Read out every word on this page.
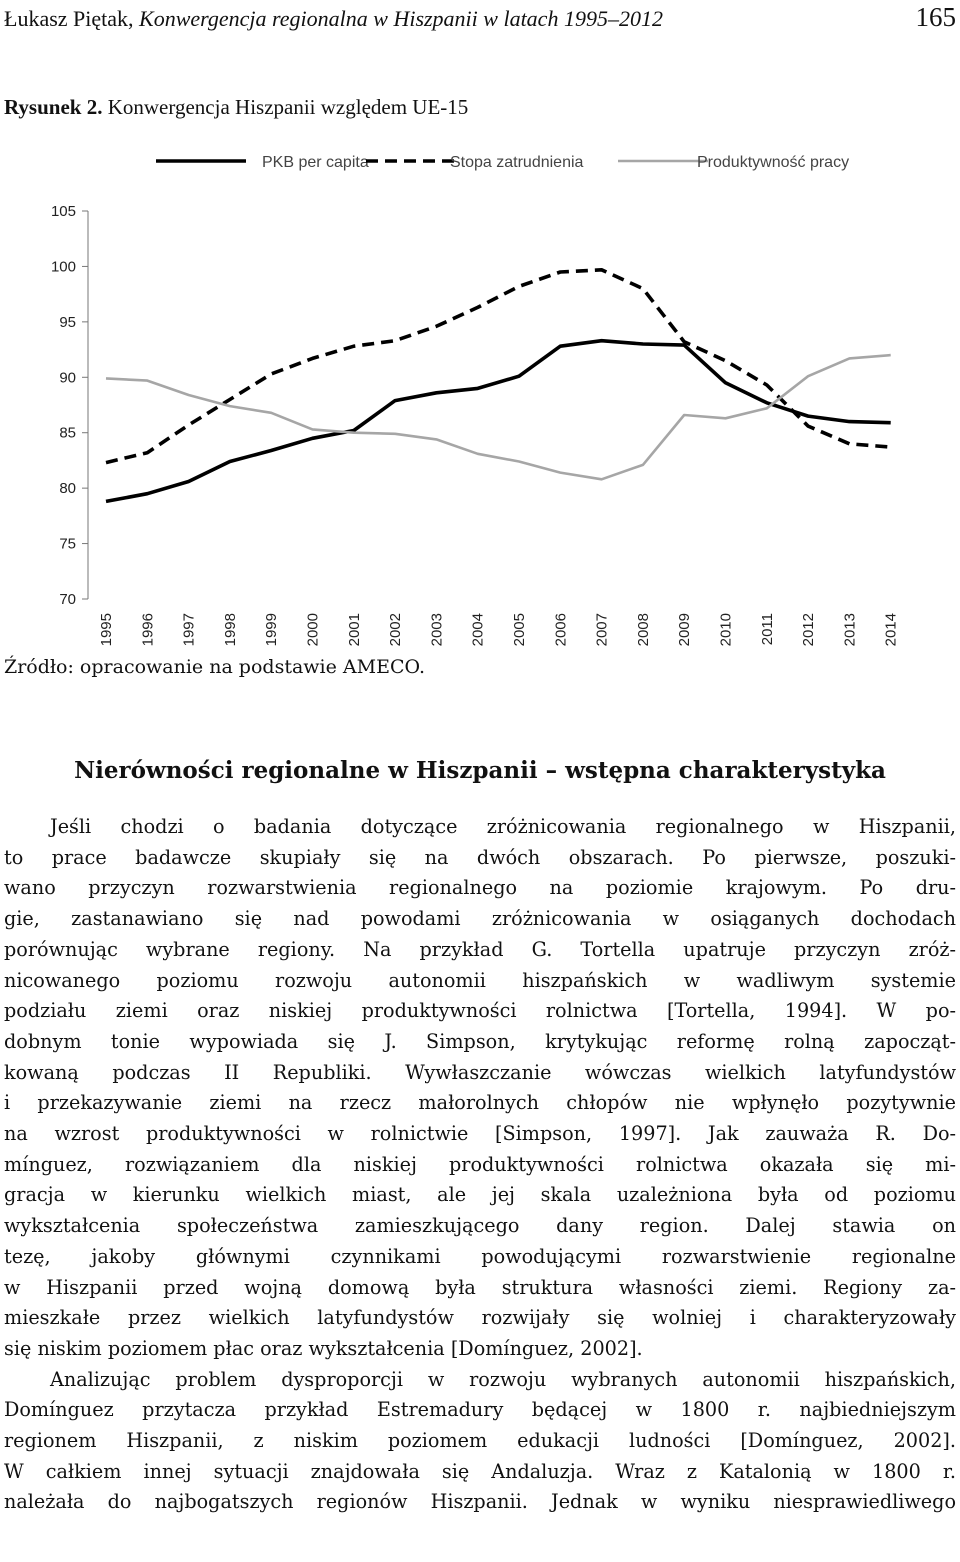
Łukasz Piętak, Konwergencja regionalna w Hiszpanii w latach 1995–2012	165
Rysunek 2. Konwergencja Hiszpanii względem UE-15
PKB per capita	Stopa zatrudnienia	Produktywność pracy
70
75
80
85
90
95
100
105
1995 1996 1997 1998 1999 2000 2001 2002 2003 2004 2005 2006 2007 2008 2009 2010 2011 2012 2013 2014
Źródło: opracowanie na podstawie AMECO.
Nierówności regionalne w Hiszpanii – wstępna charakterystyka

Jeśli chodzi o badania dotyczące zróżnicowania regionalnego w Hiszpanii,

to prace badawcze skupiały się na dwóch obszarach. Po pierwsze, poszuki-

wano przyczyn rozwarstwienia regionalnego na poziomie krajowym. Po dru-

gie, zastanawiano się nad powodami zróżnicowania w osiąganych dochodach

porównując wybrane regiony. Na przykład G. Tortella upatruje przyczyn zróż-

nicowanego poziomu rozwoju autonomii hiszpańskich w wadliwym systemie

podziału ziemi oraz niskiej produktywności rolnictwa [Tortella, 1994]. W po-

dobnym tonie wypowiada się J. Simpson, krytykując reformę rolną zapocząt-

kowaną podczas II Republiki. Wywłaszczanie wówczas wielkich latyfundystów

i przekazywanie ziemi na rzecz małorolnych chłopów nie wpłynęło pozytywnie

na wzrost produktywności w rolnictwie [Simpson, 1997]. Jak zauważa R. Do-

mínguez, rozwiązaniem dla niskiej produktywności rolnictwa okazała się mi-

gracja w kierunku wielkich miast, ale jej skala uzależniona była od poziomu

wykształcenia społeczeństwa zamieszkującego dany region. Dalej stawia on

tezę, jakoby głównymi czynnikami powodującymi rozwarstwienie regionalne

w Hiszpanii przed wojną domową była struktura własności ziemi. Regiony za-

mieszkałe przez wielkich latyfundystów rozwijały się wolniej i charakteryzowały

się niskim poziomem płac oraz wykształcenia [Domínguez, 2002].

Analizując problem dysproporcji w rozwoju wybranych autonomii hiszpańskich,

Domínguez przytacza przykład Estremadury będącej w 1800 r. najbiedniejszym

regionem Hiszpanii, z niskim poziomem edukacji ludności [Domínguez, 2002].

W całkiem innej sytuacji znajdowała się Andaluzja. Wraz z Katalonią w 1800 r.

należała do najbogatszych regionów Hiszpanii. Jednak w wyniku niesprawiedliwego
